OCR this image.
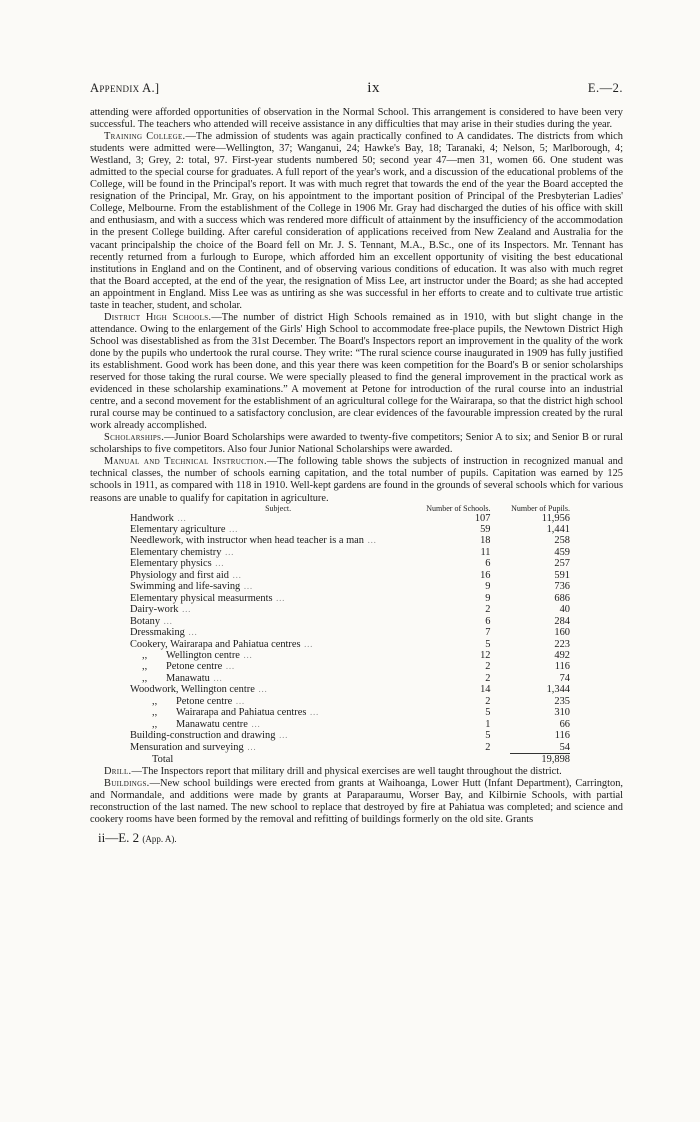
Appendix A.]	ix	E.—2.

attending were afforded opportunities of observation in the Normal School. This arrangement is considered to have been very successful. The teachers who attended will receive assistance in any difficulties that may arise in their studies during the year.

Training College.—The admission of students was again practically confined to A candidates. The districts from which students were admitted were—Wellington, 37; Wanganui, 24; Hawke's Bay, 18; Taranaki, 4; Nelson, 5; Marlborough, 4; Westland, 3; Grey, 2: total, 97. First-year students numbered 50; second year 47—men 31, women 66. One student was admitted to the special course for graduates. A full report of the year's work, and a discussion of the educational problems of the College, will be found in the Principal's report. It was with much regret that towards the end of the year the Board accepted the resignation of the Principal, Mr. Gray, on his appointment to the important position of Principal of the Presbyterian Ladies' College, Melbourne. From the establishment of the College in 1906 Mr. Gray had discharged the duties of his office with skill and enthusiasm, and with a success which was rendered more difficult of attainment by the insufficiency of the accommodation in the present College building. After careful consideration of applications received from New Zealand and Australia for the vacant principalship the choice of the Board fell on Mr. J. S. Tennant, M.A., B.Sc., one of its Inspectors. Mr. Tennant has recently returned from a furlough to Europe, which afforded him an excellent opportunity of visiting the best educational institutions in England and on the Continent, and of observing various conditions of education. It was also with much regret that the Board accepted, at the end of the year, the resignation of Miss Lee, art instructor under the Board; as she had accepted an appointment in England. Miss Lee was as untiring as she was successful in her efforts to create and to cultivate true artistic taste in teacher, student, and scholar.

District High Schools.—The number of district High Schools remained as in 1910, with but slight change in the attendance. Owing to the enlargement of the Girls' High School to accommodate free-place pupils, the Newtown District High School was disestablished as from the 31st December. The Board's Inspectors report an improvement in the quality of the work done by the pupils who undertook the rural course. They write: “The rural science course inaugurated in 1909 has fully justified its establishment. Good work has been done, and this year there was keen competition for the Board's B or senior scholarships reserved for those taking the rural course. We were specially pleased to find the general improvement in the practical work as evidenced in these scholarship examinations.” A movement at Petone for introduction of the rural course into an industrial centre, and a second movement for the establishment of an agricultural college for the Wairarapa, so that the district high school rural course may be continued to a satisfactory conclusion, are clear evidences of the favourable impression created by the rural work already accomplished.

Scholarships.—Junior Board Scholarships were awarded to twenty-five competitors; Senior A to six; and Senior B or rural scholarships to five competitors. Also four Junior National Scholarships were awarded.

Manual and Technical Instruction.—The following table shows the subjects of instruction in recognized manual and technical classes, the number of schools earning capitation, and the total number of pupils. Capitation was earned by 125 schools in 1911, as compared with 118 in 1910. Well-kept gardens are found in the grounds of several schools which for various reasons are unable to qualify for capitation in agriculture.

Subject.	Number of Schools.	Number of Pupils.
Handwork …	107	11,956
Elementary agriculture …	59	1,441
Needlework, with instructor when head teacher is a man …	18	258
Elementary chemistry …	11	459
Elementary physics …	6	257
Physiology and first aid …	16	591
Swimming and life-saving …	9	736
Elementary physical measurments …	9	686
Dairy-work …	2	40
Botany …	6	284
Dressmaking …	7	160
Cookery, Wairarapa and Pahiatua centres …	5	223
,, Wellington centre …	12	492
,, Petone centre …	2	116
,, Manawatu …	2	74
Woodwork, Wellington centre …	14	1,344
,, Petone centre …	2	235
,, Wairarapa and Pahiatua centres …	5	310
,, Manawatu centre …	1	66
Building-construction and drawing …	5	116
Mensuration and surveying …	2	54
Total		19,898

Drill.—The Inspectors report that military drill and physical exercises are well taught throughout the district.

Buildings.—New school buildings were erected from grants at Waihoanga, Lower Hutt (Infant Department), Carrington, and Normandale, and additions were made by grants at Paraparaumu, Worser Bay, and Kilbirnie Schools, with partial reconstruction of the last named. The new school to replace that destroyed by fire at Pahiatua was completed; and science and cookery rooms have been formed by the removal and refitting of buildings formerly on the old site. Grants

ii—E. 2 (App. A).
